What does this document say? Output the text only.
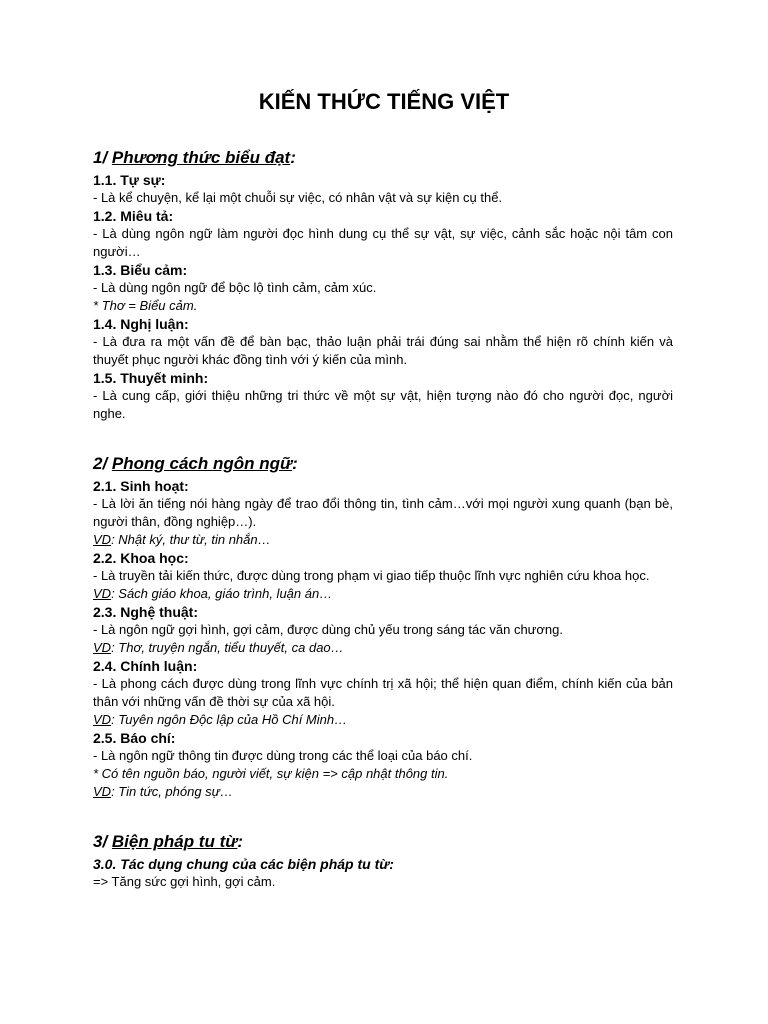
KIẾN THỨC TIẾNG VIỆT

1/ Phương thức biểu đạt:

1.1. Tự sự:

- Là kể chuyện, kể lại một chuỗi sự việc, có nhân vật và sự kiện cụ thể.

1.2. Miêu tả:

- Là dùng ngôn ngữ làm người đọc hình dung cụ thể sự vật, sự việc, cảnh sắc hoặc nội tâm con người…

1.3. Biểu cảm:

- Là dùng ngôn ngữ để bộc lộ tình cảm, cảm xúc.

* Thơ = Biểu cảm.

1.4. Nghị luận:

- Là đưa ra một vấn đề để bàn bạc, thảo luận phải trái đúng sai nhằm thể hiện rõ chính kiến và thuyết phục người khác đồng tình với ý kiến của mình.

1.5. Thuyết minh:

- Là cung cấp, giới thiệu những tri thức về một sự vật, hiện tượng nào đó cho người đọc, người nghe.

2/ Phong cách ngôn ngữ:

2.1. Sinh hoạt:

- Là lời ăn tiếng nói hàng ngày để trao đổi thông tin, tình cảm…với mọi người xung quanh (bạn bè, người thân, đồng nghiệp…).

VD: Nhật ký, thư từ, tin nhắn…

2.2. Khoa học:

- Là truyền tải kiến thức, được dùng trong phạm vi giao tiếp thuộc lĩnh vực nghiên cứu khoa học.

VD: Sách giáo khoa, giáo trình, luận án…

2.3. Nghệ thuật:

- Là ngôn ngữ gợi hình, gợi cảm, được dùng chủ yếu trong sáng tác văn chương.

VD: Thơ, truyện ngắn, tiểu thuyết, ca dao…

2.4. Chính luận:

- Là phong cách được dùng trong lĩnh vực chính trị xã hội; thể hiện quan điểm, chính kiến của bản thân với những vấn đề thời sự của xã hội.

VD: Tuyên ngôn Độc lập của Hồ Chí Minh…

2.5. Báo chí:

- Là ngôn ngữ thông tin được dùng trong các thể loại của báo chí.

* Có tên nguồn báo, người viết, sự kiện => cập nhật thông tin.

VD: Tin tức, phóng sự…

3/ Biện pháp tu từ:

3.0. Tác dụng chung của các biện pháp tu từ:

=> Tăng sức gợi hình, gợi cảm.
